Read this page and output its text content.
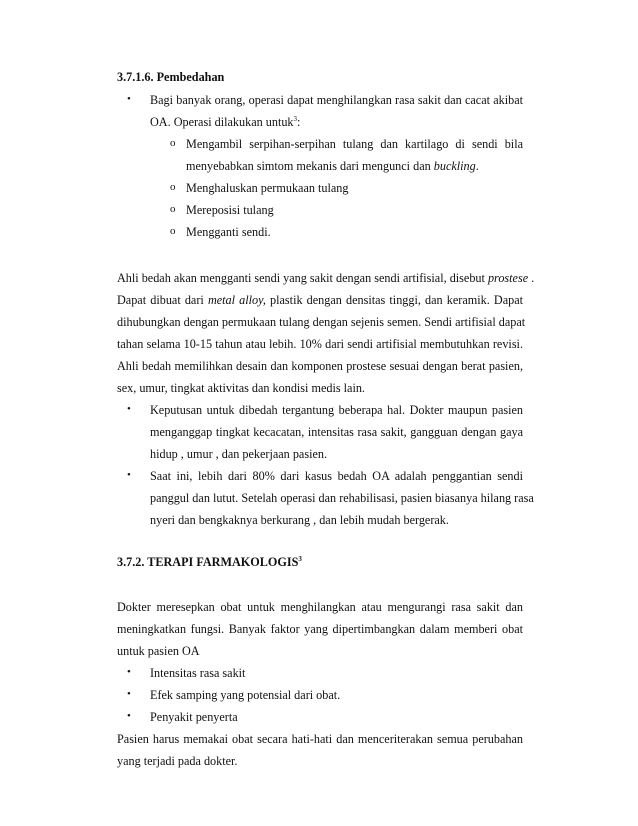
3.7.1.6. Pembedahan
• Bagi banyak orang, operasi dapat menghilangkan rasa sakit dan cacat akibat
OA. Operasi dilakukan untuk$^3$:
o Mengambil serpihan-serpihan tulang dan kartilago di sendi bila
menyebabkan simtom mekanis dari mengunci dan buckling.
o Menghaluskan permukaan tulang
o Mereposisi tulang
o Mengganti sendi.
Ahli bedah akan mengganti sendi yang sakit dengan sendi artifisial, disebut prostese .
Dapat dibuat dari metal alloy, plastik dengan densitas tinggi, dan keramik. Dapat
dihubungkan dengan permukaan tulang dengan sejenis semen. Sendi artifisial dapat
tahan selama 10-15 tahun atau lebih. 10% dari sendi artifisial membutuhkan revisi.
Ahli bedah memilihkan desain dan komponen prostese sesuai dengan berat pasien,
sex, umur, tingkat aktivitas dan kondisi medis lain.
• Keputusan untuk dibedah tergantung beberapa hal. Dokter maupun pasien
menganggap tingkat kecacatan, intensitas rasa sakit, gangguan dengan gaya
hidup , umur , dan pekerjaan pasien.
• Saat ini, lebih dari 80% dari kasus bedah OA adalah penggantian sendi
panggul dan lutut. Setelah operasi dan rehabilisasi, pasien biasanya hilang rasa
nyeri dan bengkaknya berkurang , dan lebih mudah bergerak.
3.7.2. TERAPI FARMAKOLOGIS$^3$
Dokter meresepkan obat untuk menghilangkan atau mengurangi rasa sakit dan
meningkatkan fungsi. Banyak faktor yang dipertimbangkan dalam memberi obat
untuk pasien OA
• Intensitas rasa sakit
• Efek samping yang potensial dari obat.
• Penyakit penyerta
Pasien harus memakai obat secara hati-hati dan menceriterakan semua perubahan
yang terjadi pada dokter.
